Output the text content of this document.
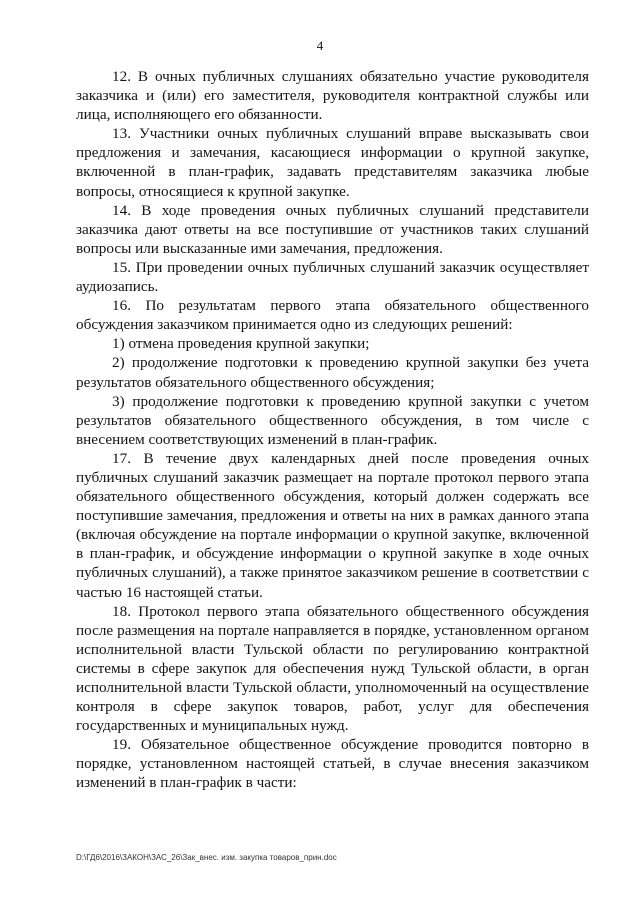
4

12. В очных публичных слушаниях обязательно участие руководителя заказчика и (или) его заместителя, руководителя контрактной службы или лица, исполняющего его обязанности.

13. Участники очных публичных слушаний вправе высказывать свои предложения и замечания, касающиеся информации о крупной закупке, включенной в план-график, задавать представителям заказчика любые вопросы, относящиеся к крупной закупке.

14. В ходе проведения очных публичных слушаний представители заказчика дают ответы на все поступившие от участников таких слушаний вопросы или высказанные ими замечания, предложения.

15. При проведении очных публичных слушаний заказчик осуществляет аудиозапись.

16. По результатам первого этапа обязательного общественного обсуждения заказчиком принимается одно из следующих решений:

1) отмена проведения крупной закупки;

2) продолжение подготовки к проведению крупной закупки без учета результатов обязательного общественного обсуждения;

3) продолжение подготовки к проведению крупной закупки с учетом результатов обязательного общественного обсуждения, в том числе с внесением соответствующих изменений в план-график.

17. В течение двух календарных дней после проведения очных публичных слушаний заказчик размещает на портале протокол первого этапа обязательного общественного обсуждения, который должен содержать все поступившие замечания, предложения и ответы на них в рамках данного этапа (включая обсуждение на портале информации о крупной закупке, включенной в план-график, и обсуждение информации о крупной закупке в ходе очных публичных слушаний), а также принятое заказчиком решение в соответствии с частью 16 настоящей статьи.

18. Протокол первого этапа обязательного общественного обсуждения после размещения на портале направляется в порядке, установленном органом исполнительной власти Тульской области по регулированию контрактной системы в сфере закупок для обеспечения нужд Тульской области, в орган исполнительной власти Тульской области, уполномоченный на осуществление контроля в сфере закупок товаров, работ, услуг для обеспечения государственных и муниципальных нужд.

19. Обязательное общественное обсуждение проводится повторно в порядке, установленном настоящей статьей, в случае внесения заказчиком изменений в план-график в части:

D:\ГД6\2016\ЗАКОН\ЗАС_26\Зак_внес. изм. закупка товаров_прин.doc
